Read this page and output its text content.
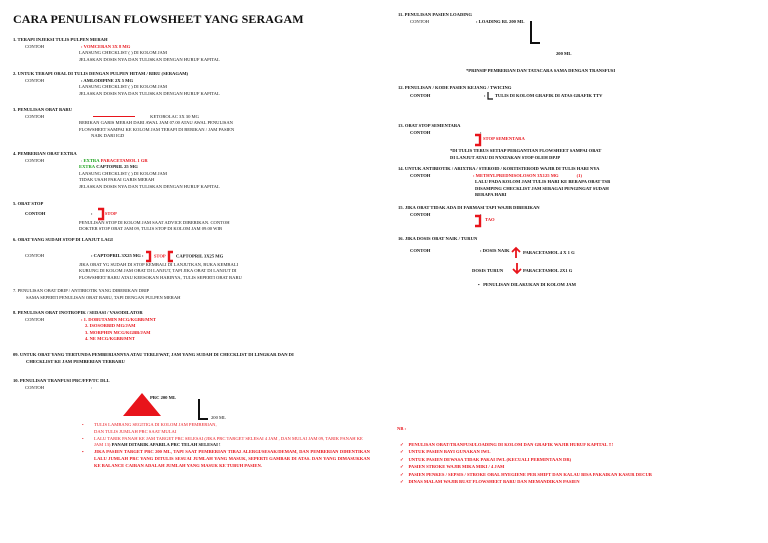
CARA PENULISAN FLOWSHEET YANG SERAGAM
1. TERAPI INJEKSI TULIS PULPEN MERAH
CONTOH	: VOMCERAN 3X 8 MG
LANSUNG CHECKLIST ( ) DI KOLOM JAM
JELASKAN DOSIS NYA DAN TULISKAN DENGAN HURUF KAPITAL
2. UNTUK TERAPI ORAL DI TULIS DENGAN PULPEN HITAM / BIRU (SERAGAM)
CONTOH	: AMLODIPINE 2X 5 MG
LANSUNG CHECKLIST ( ) DI KOLOM JAM
JELASKAN DOSIS NYA DAN TULISKAN DENGAN HURUF KAPITAL
3. PENULISAN OBAT BARU
CONTOH	KETOROLAC 3X 30 MG
BERIKAN GARIS MERAH DARI AWAL JAM 07.00 ATAU AWAL PENULISAN
FLOWSHEET SAMPAI KE KOLOM JAM TERAPI DI BERIKAN / JAM PASIEN
NAIK DARI IGD
4. PEMBERIAN OBAT EXTRA
CONTOH	: EXTRA PARACETAMOL 1 GR
EXTRA CAPTOPRIL 25 MG
LANSUNG CHECKLIST ( ) DI KOLOM JAM
TIDAK USAH PAKAI GARIS MERAH
JELASKAN DOSIS NYA DAN TULISKAN DENGAN HURUF KAPITAL
5. OBAT STOP
CONTOH	:	STOP
PENULISAN STOP DI KOLOM JAM SAAT ADVICE DIBERIKAN. CONTOH
DOKTER STOP OBAT JAM 09, TULIS STOP DI KOLOM JAM 09.00 WIB
6. OBAT YANG SUDAH STOP DI LANJUT LAGI
CONTOH	: CAPTOPRIL 3X25 MG : STOP CAPTOPRIL 3X25 MG
JIKA OBAT YG SUDAH DI STOP KEMBALI DI LANJUTKAN, BUKA KEMBALI
KURUNG DI KOLOM JAM OBAT DI LANJUT, TAPI JIKA OBAT DI LANJUT DI
FLOWSHEET BARU ATAU KEESOKAN HARINYA, TULIS SEPERTI OBAT BARU
7. PENULISAN OBAT DRIP / ANTIBIOTIK YANG DIBERIKAN DRIP
SAMA SEPERTI PENULISAN OBAT BARU, TAPI DENGAN PULPEN MERAH
8. PENULISAN OBAT INOTROPIK / SEDASI / VASODILATOR
CONTOH	: 1. DOBUTAMIN MCG/KGBB/MNT
2. ISOSORBID MG/JAM
3. MORPHIN MCG/KGBB/JAM
4. NE MCG/KGBB/MNT
09. UNTUK OBAT YANG TERTUNDA PEMBERIANNYA ATAU TERLEWAT, JAM YANG SUDAH DI CHECKLIST DI LINGKAR DAN DI
CHECKLIST KE JAM PEMBERIAN TERBARU
10. PENULISAN TRANFUSI PRC/FFP/TC DLL
CONTOH	:
PRC 200 ML
200 ML
• TULIS LAMBANG SEGITIGA DI KOLOM JAM PEMBERIAN,
DAN TULIS JUMLAH PRC SAAT MULAI
• LALU TARIK PANAH KE JAM TARGET PRC SELESAI (JIKA PRC TARGET SELESAI 4 JAM , DAN MULAI JAM 09, TARIK PANAH KE JAM 13) PANAH DITARIK APABILA PRC TELAH SELESAI !
• JIKA PASIEN TARGET PRC 200 ML, TAPI SAAT PEMBERIAN TIBA2 ALERGI/SESAK/DEMAM, DAN PEMBERIAN DIHENTIKAN LALU JUMLAH PRC YANG DITULIS SESUAI JUMLAH YANG MASUK, SEPERTI GAMBAR DI ATAS. DAN YANG DIMASUKKAN KE BALANCE CAIRAN ADALAH JUMLAH YANG MASUK KE TUBUH PASIEN.
11. PENULISAN PASIEN LOADING
CONTOH	: LOADING RL 200 ML
200 ML
*PRINSIP PEMBERIAN DAN TATACARA SAMA DENGAN TRANSFUSI
12. PENULISAN / KODE PASIEN KEJANG / TWICING
CONTOH	: TULIS DI KOLOM GRAFIK DI ATAS GRAFIK TTV
13. OBAT STOP SEMENTARA
CONTOH	:
STOP SEMENTARA
*DI TULIS TERUS SETIAP PERGANTIAN FLOWSHEET SAMPAI OBAT
DI LANJUT ATAU DI NYATAKAN STOP OLEH DPJP
14. UNTUK ANTIBIOTIK / ARIXTRA / STEROID / KORTISTEROID WAJIB DI TULIS HARI NYA
CONTOH	: METHYLPREDNISOLOSON 3X125 MG	(1)
LALU PADA KOLOM JAM TULIS HARI KE BERAPA OBAT TSB
DISAMPING CHECKLIST JAM SEBAGAI PENGINGAT SUDAH
BERAPA HARI
15. JIKA OBAT TIDAK ADA DI FARMASI TAPI WAJIB DIBERIKAN
CONTOH	:
TAO
16. JIKA DOSIS OBAT NAIK / TURUN
CONTOH	: DOSIS NAIK	PARACETAMOL 4 X 1 G
DOSIS TURUN	PARACETAMOL 2X1 G
•   PENULISAN DILAKUKAN DI KOLOM JAM
NB :
✓ PENULISAN OBAT/TRANFUSI/LOADING DI KOLOM DAN GRAFIK WAJIB HURUF KAPITAL !!!
✓ UNTUK PASIEN BAYI GUNAKAN IWL
✓ UNTUK PASIEN DEWASA TIDAK PAKAI IWL (KECUALI PERMINTAAN DR)
✓ PASIEN STROKE WAJIB MIKA MIKI / 4 JAM
✓ PASIEN PENKES / SEPSIS / STROKE OBAL HYEGIENE PER SHIFT DAN KALAU BISA PAKAIKAN KASUR DECUB
✓ DINAS MALAM WAJIB BUAT FLOWSHEET BARU DAN MEMANDIKAN PASIEN
